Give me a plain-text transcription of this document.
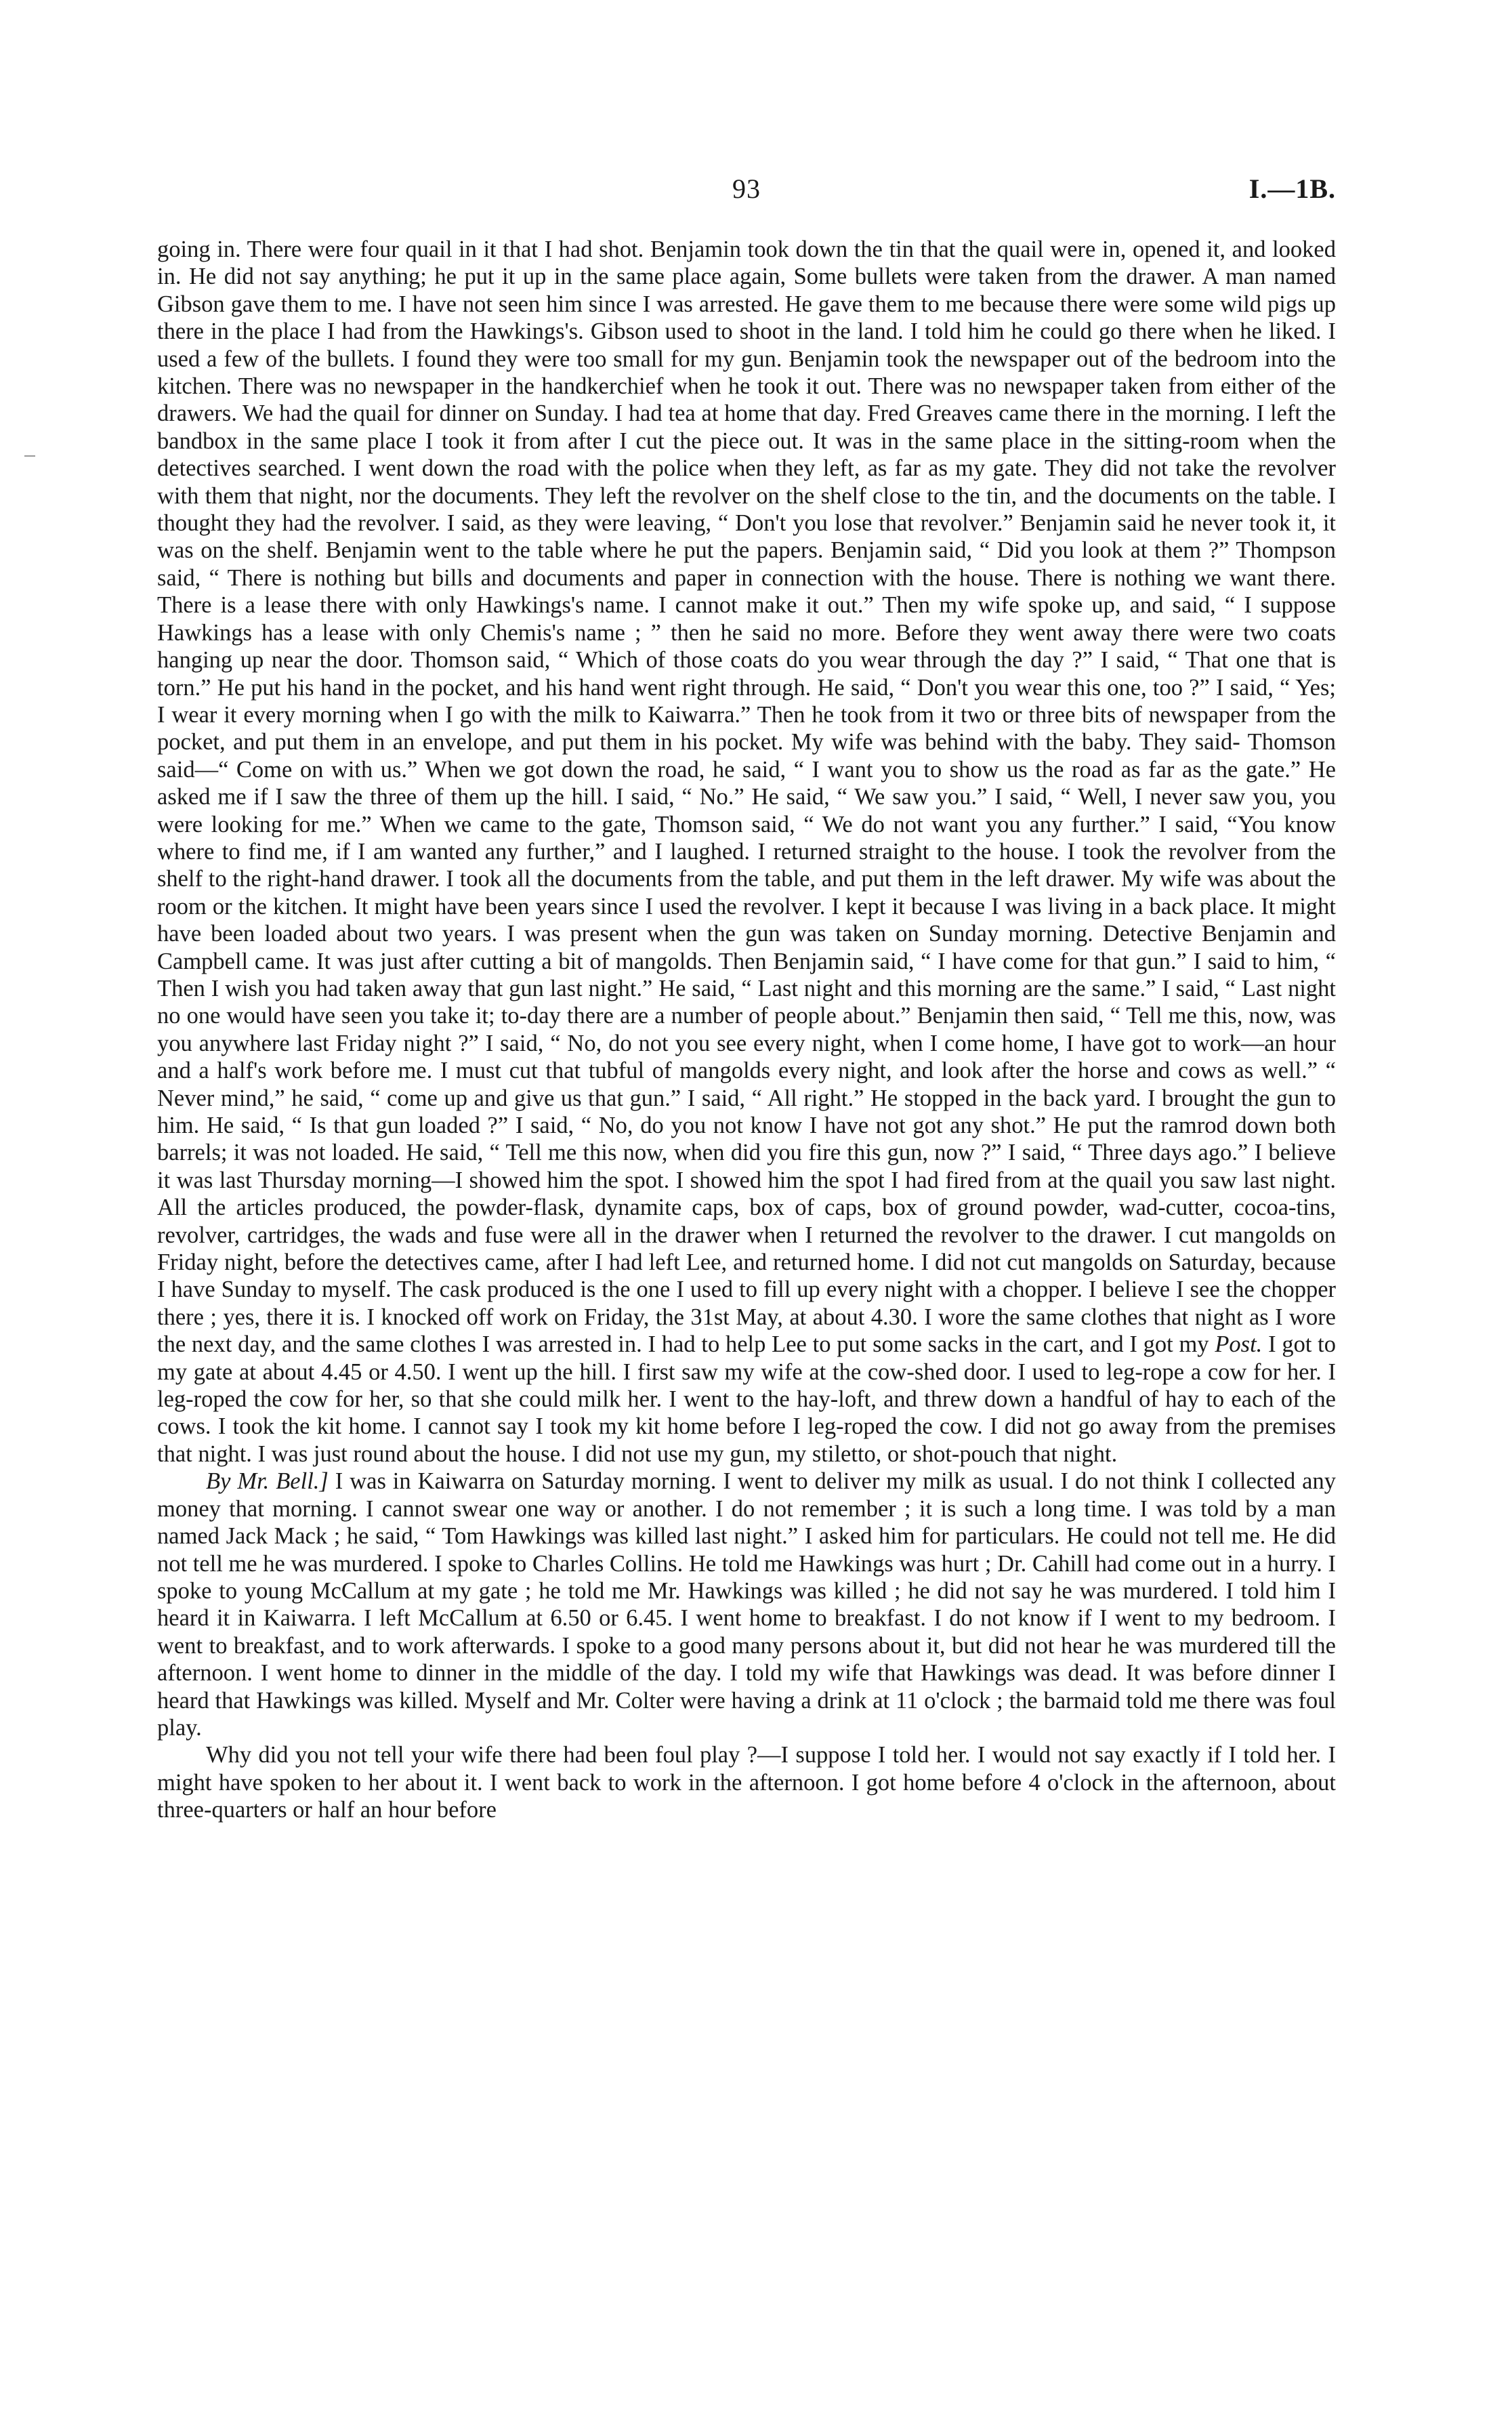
93	I.—1B.

going in. There were four quail in it that I had shot. Benjamin took down the tin that the quail were in, opened it, and looked in. He did not say anything; he put it up in the same place again, Some bullets were taken from the drawer. A man named Gibson gave them to me. I have not seen him since I was arrested. He gave them to me because there were some wild pigs up there in the place I had from the Hawkings's. Gibson used to shoot in the land. I told him he could go there when he liked. I used a few of the bullets. I found they were too small for my gun. Benjamin took the newspaper out of the bedroom into the kitchen. There was no newspaper in the handkerchief when he took it out. There was no newspaper taken from either of the drawers. We had the quail for dinner on Sunday. I had tea at home that day. Fred Greaves came there in the morning. I left the bandbox in the same place I took it from after I cut the piece out. It was in the same place in the sitting-room when the detectives searched. I went down the road with the police when they left, as far as my gate. They did not take the revolver with them that night, nor the documents. They left the revolver on the shelf close to the tin, and the documents on the table. I thought they had the revolver. I said, as they were leaving, “ Don't you lose that revolver.” Benjamin said he never took it, it was on the shelf. Benjamin went to the table where he put the papers. Benjamin said, “ Did you look at them ?” Thompson said, “ There is nothing but bills and documents and paper in connection with the house. There is nothing we want there. There is a lease there with only Hawkings's name. I cannot make it out.” Then my wife spoke up, and said, “ I suppose Hawkings has a lease with only Chemis's name ; ” then he said no more. Before they went away there were two coats hanging up near the door. Thomson said, “ Which of those coats do you wear through the day ?” I said, “ That one that is torn.” He put his hand in the pocket, and his hand went right through. He said, “ Don't you wear this one, too ?” I said, “ Yes; I wear it every morning when I go with the milk to Kaiwarra.” Then he took from it two or three bits of newspaper from the pocket, and put them in an envelope, and put them in his pocket. My wife was behind with the baby. They said- Thomson said—“ Come on with us.” When we got down the road, he said, “ I want you to show us the road as far as the gate.” He asked me if I saw the three of them up the hill. I said, “ No.” He said, “ We saw you.” I said, “ Well, I never saw you, you were looking for me.” When we came to the gate, Thomson said, “ We do not want you any further.” I said, “You know where to find me, if I am wanted any further,” and I laughed. I returned straight to the house. I took the revolver from the shelf to the right-hand drawer. I took all the documents from the table, and put them in the left drawer. My wife was about the room or the kitchen. It might have been years since I used the revolver. I kept it because I was living in a back place. It might have been loaded about two years. I was present when the gun was taken on Sunday morning. Detective Benjamin and Campbell came. It was just after cutting a bit of mangolds. Then Benjamin said, “ I have come for that gun.” I said to him, “ Then I wish you had taken away that gun last night.” He said, “ Last night and this morning are the same.” I said, “ Last night no one would have seen you take it; to-day there are a number of people about.” Benjamin then said, “ Tell me this, now, was you anywhere last Friday night ?” I said, “ No, do not you see every night, when I come home, I have got to work—an hour and a half's work before me. I must cut that tubful of mangolds every night, and look after the horse and cows as well.” “ Never mind,” he said, “ come up and give us that gun.” I said, “ All right.” He stopped in the back yard. I brought the gun to him. He said, “ Is that gun loaded ?” I said, “ No, do you not know I have not got any shot.” He put the ramrod down both barrels; it was not loaded. He said, “ Tell me this now, when did you fire this gun, now ?” I said, “ Three days ago.” I believe it was last Thursday morning—I showed him the spot. I showed him the spot I had fired from at the quail you saw last night. All the articles produced, the powder-flask, dynamite caps, box of caps, box of ground powder, wad-cutter, cocoa-tins, revolver, cartridges, the wads and fuse were all in the drawer when I returned the revolver to the drawer. I cut mangolds on Friday night, before the detectives came, after I had left Lee, and returned home. I did not cut mangolds on Saturday, because I have Sunday to myself. The cask produced is the one I used to fill up every night with a chopper. I believe I see the chopper there ; yes, there it is. I knocked off work on Friday, the 31st May, at about 4.30. I wore the same clothes that night as I wore the next day, and the same clothes I was arrested in. I had to help Lee to put some sacks in the cart, and I got my Post. I got to my gate at about 4.45 or 4.50. I went up the hill. I first saw my wife at the cow-shed door. I used to leg-rope a cow for her. I leg-roped the cow for her, so that she could milk her. I went to the hay-loft, and threw down a handful of hay to each of the cows. I took the kit home. I cannot say I took my kit home before I leg-roped the cow. I did not go away from the premises that night. I was just round about the house. I did not use my gun, my stiletto, or shot-pouch that night.

By Mr. Bell.] I was in Kaiwarra on Saturday morning. I went to deliver my milk as usual. I do not think I collected any money that morning. I cannot swear one way or another. I do not remember ; it is such a long time. I was told by a man named Jack Mack ; he said, “ Tom Hawkings was killed last night.” I asked him for particulars. He could not tell me. He did not tell me he was murdered. I spoke to Charles Collins. He told me Hawkings was hurt ; Dr. Cahill had come out in a hurry. I spoke to young McCallum at my gate ; he told me Mr. Hawkings was killed ; he did not say he was murdered. I told him I heard it in Kaiwarra. I left McCallum at 6.50 or 6.45. I went home to breakfast. I do not know if I went to my bedroom. I went to breakfast, and to work afterwards. I spoke to a good many persons about it, but did not hear he was murdered till the afternoon. I went home to dinner in the middle of the day. I told my wife that Hawkings was dead. It was before dinner I heard that Hawkings was killed. Myself and Mr. Colter were having a drink at 11 o'clock ; the barmaid told me there was foul play.

Why did you not tell your wife there had been foul play ?—I suppose I told her. I would not say exactly if I told her. I might have spoken to her about it. I went back to work in the afternoon. I got home before 4 o'clock in the afternoon, about three-quarters or half an hour before
